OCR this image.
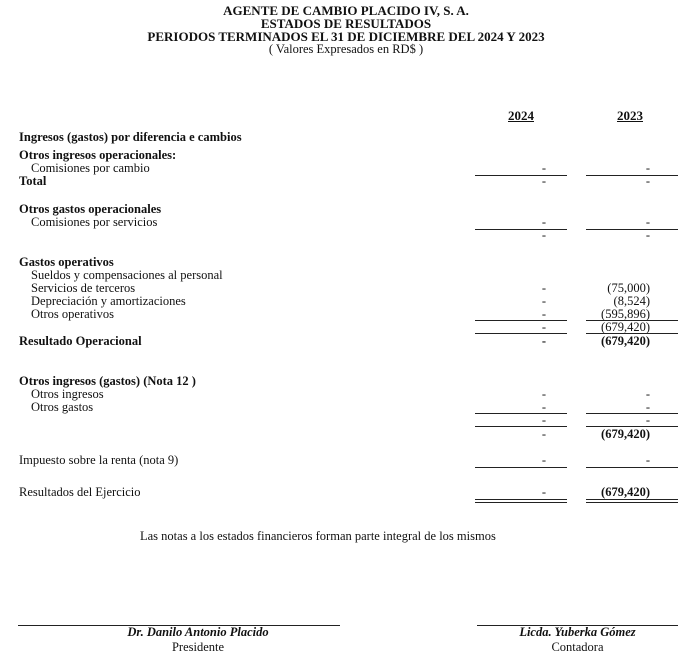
AGENTE DE CAMBIO PLACIDO IV, S. A.
ESTADOS DE RESULTADOS
PERIODOS TERMINADOS EL 31 DE DICIEMBRE DEL 2024 Y 2023
( Valores Expresados en RD$ )
2024	2023
Ingresos (gastos) por diferencia e cambios
Otros ingresos operacionales:
Comisiones por cambio	-	-
Total	-	-
Otros gastos operacionales
Comisiones por servicios	-	-
-	-
Gastos operativos
Sueldos y compensaciones al personal
Servicios de terceros	-	(75,000)
Depreciación y amortizaciones	-	(8,524)
Otros operativos	-	(595,896)
-	(679,420)
Resultado Operacional	-	(679,420)
Otros ingresos (gastos) (Nota 12 )
Otros ingresos	-	-
Otros gastos	-	-
-	-
-	(679,420)
Impuesto sobre la renta (nota 9)	-	-
Resultados del Ejercicio	-	(679,420)
Las notas a los estados financieros forman parte integral de los mismos
Dr. Danilo Antonio Placido
Presidente
Licda. Yuberka Gómez
Contadora
